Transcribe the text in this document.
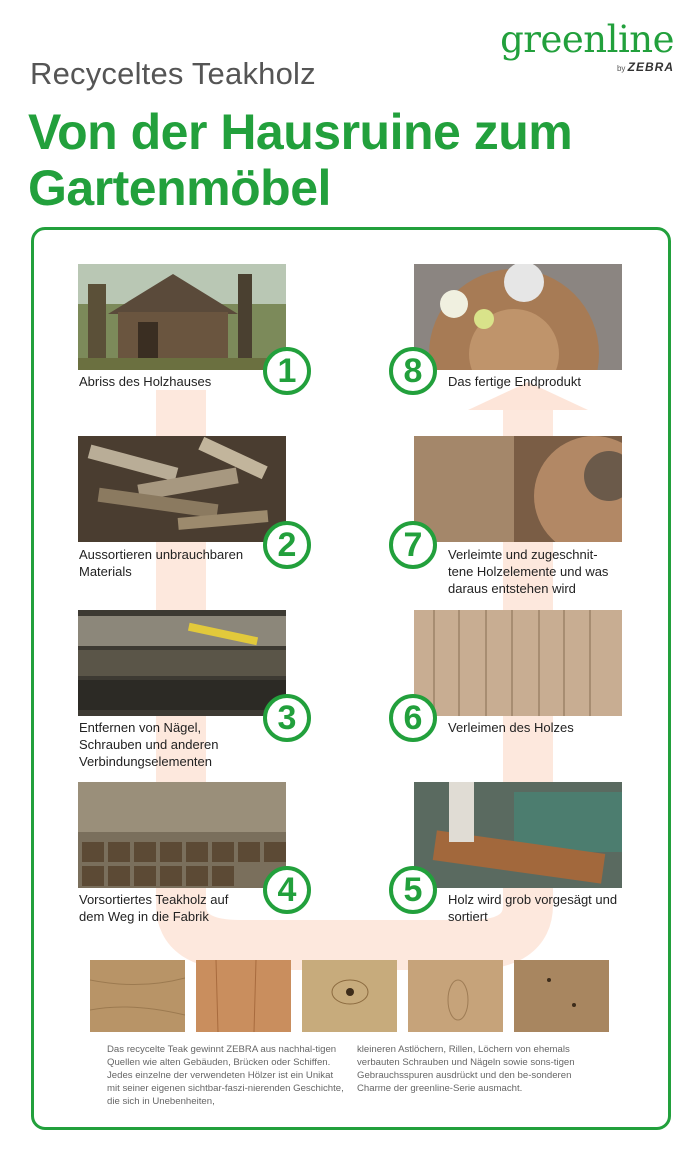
Recyceltes Teakholz
Von der Hausruine zum Gartenmöbel
greenline
by ZEBRA
1
2
3
4	5
6
7
8
Abriss des Holzhauses
Aussortieren unbrauchbaren Materials
Entfernen von Nägel, Schrauben und anderen Verbindungselementen
Vorsortiertes Teakholz auf dem Weg in die Fabrik
Holz wird grob vorgesägt und sortiert
Verleimen des Holzes
Verleimte und zugeschnit-tene Holzelemente und was daraus entstehen wird
Das fertige Endprodukt
Das recycelte Teak gewinnt ZEBRA aus nachhal-tigen Quellen wie alten Gebäuden, Brücken oder Schiffen. Jedes einzelne der verwendeten Hölzer ist ein Unikat mit seiner eigenen sichtbar-faszi-nierenden Geschichte, die sich in Unebenheiten,
kleineren Astlöchern, Rillen, Löchern von ehemals verbauten Schrauben und Nägeln sowie sons-tigen Gebrauchsspuren ausdrückt und den be-sonderen Charme der greenline-Serie ausmacht.
